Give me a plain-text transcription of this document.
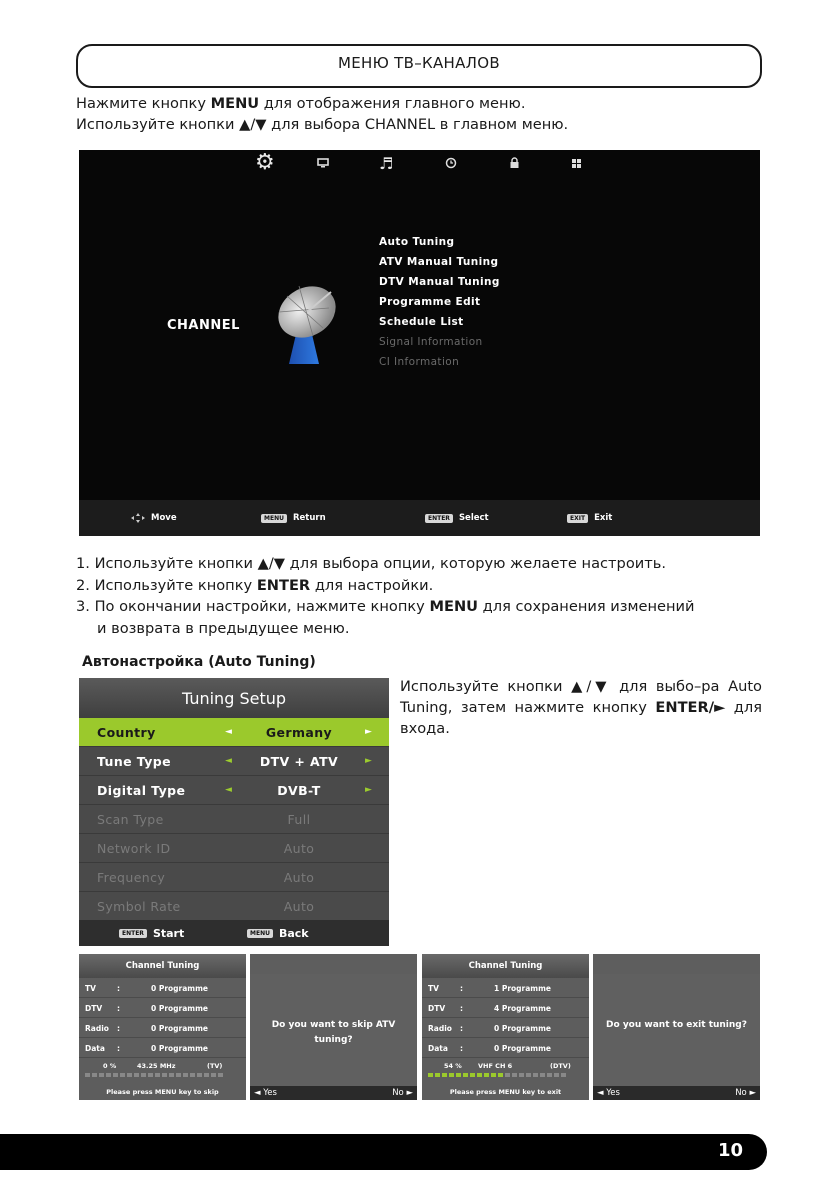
МЕНЮ ТВ–КАНАЛОВ
Нажмите кнопку MENU для отображения главного меню.
Используйте кнопки ▲/▼ для выбора CHANNEL в главном меню.
⚙	♬
CHANNEL
Auto Tuning
ATV Manual Tuning
DTV Manual Tuning
Programme Edit
Schedule List
Signal Information
CI Information
Move	MENU	Return	ENTER	Select	EXIT	Exit
1. Используйте кнопки ▲/▼ для выбора опции, которую желаете настроить.
2. Используйте кнопку ENTER для настройки.
3. По окончании настройки, нажмите кнопку MENU для сохранения изменений
и возврата в предыдущее меню.
Автонастройка (Auto Tuning)
Tuning Setup
Country	◄	Germany	►
Tune Type	◄	DTV + ATV	►
Digital Type	◄	DVB-T	►
Scan Type	Full
Network ID	Auto
Frequency	Auto
Symbol Rate	Auto
ENTER Start	MENU Back
Используйте кнопки ▲/▼ для выбо–ра Auto Tuning, затем нажмите кнопку ENTER/► для входа.
Channel Tuning
TV	:	0 Programme
DTV :	0 Programme
Radio :	0 Programme
Data :	0 Programme
0 %	43.25 MHz	(TV)
Please press MENU key to skip
Do you want to skip ATV tuning?
◄ Yes	No ►
Channel Tuning
TV	:	1 Programme
DTV :	4 Programme
Radio :	0 Programme
Data :	0 Programme
54 % VHF CH 6	(DTV)
Please press MENU key to exit
Do you want to exit tuning?
◄ Yes	No ►
10
